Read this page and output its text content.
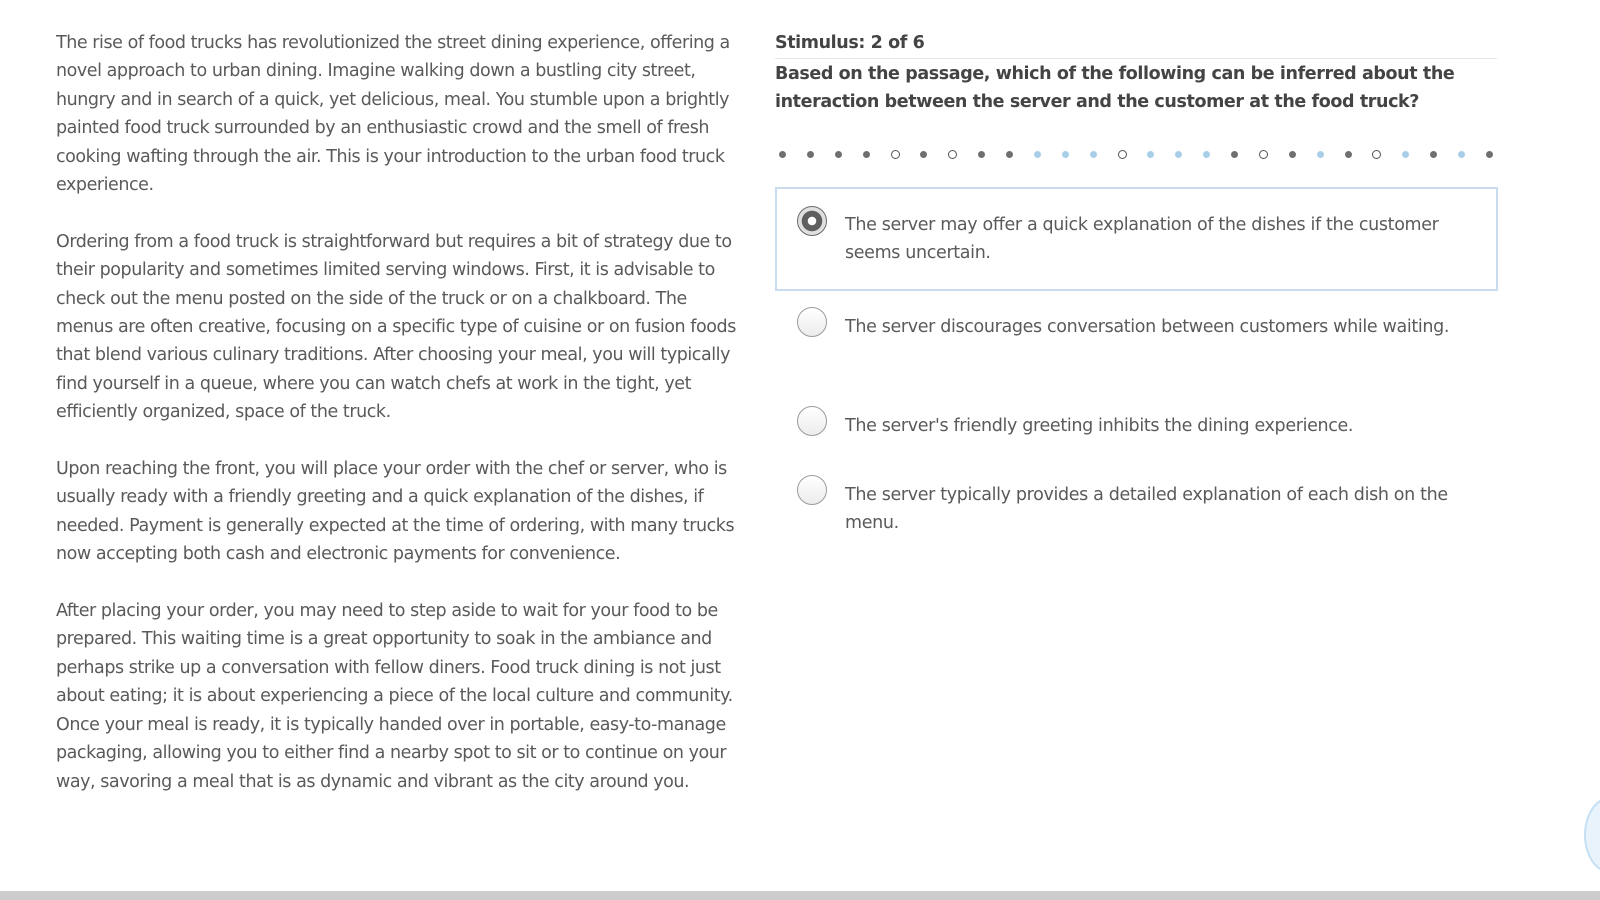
The rise of food trucks has revolutionized the street dining experience, offering a novel approach to urban dining. Imagine walking down a bustling city street, hungry and in search of a quick, yet delicious, meal. You stumble upon a brightly painted food truck surrounded by an enthusiastic crowd and the smell of fresh cooking wafting through the air. This is your introduction to the urban food truck experience.

Ordering from a food truck is straightforward but requires a bit of strategy due to their popularity and sometimes limited serving windows. First, it is advisable to check out the menu posted on the side of the truck or on a chalkboard. The menus are often creative, focusing on a specific type of cuisine or on fusion foods that blend various culinary traditions. After choosing your meal, you will typically find yourself in a queue, where you can watch chefs at work in the tight, yet efficiently organized, space of the truck.

Upon reaching the front, you will place your order with the chef or server, who is usually ready with a friendly greeting and a quick explanation of the dishes, if needed. Payment is generally expected at the time of ordering, with many trucks now accepting both cash and electronic payments for convenience.

After placing your order, you may need to step aside to wait for your food to be prepared. This waiting time is a great opportunity to soak in the ambiance and perhaps strike up a conversation with fellow diners. Food truck dining is not just about eating; it is about experiencing a piece of the local culture and community. Once your meal is ready, it is typically handed over in portable, easy-to-manage packaging, allowing you to either find a nearby spot to sit or to continue on your way, savoring a meal that is as dynamic and vibrant as the city around you.

Stimulus: 2 of 6
Based on the passage, which of the following can be inferred about the interaction between the server and the customer at the food truck?
The server may offer a quick explanation of the dishes if the customer seems uncertain.
The server discourages conversation between customers while waiting.
The server's friendly greeting inhibits the dining experience.
The server typically provides a detailed explanation of each dish on the menu.
